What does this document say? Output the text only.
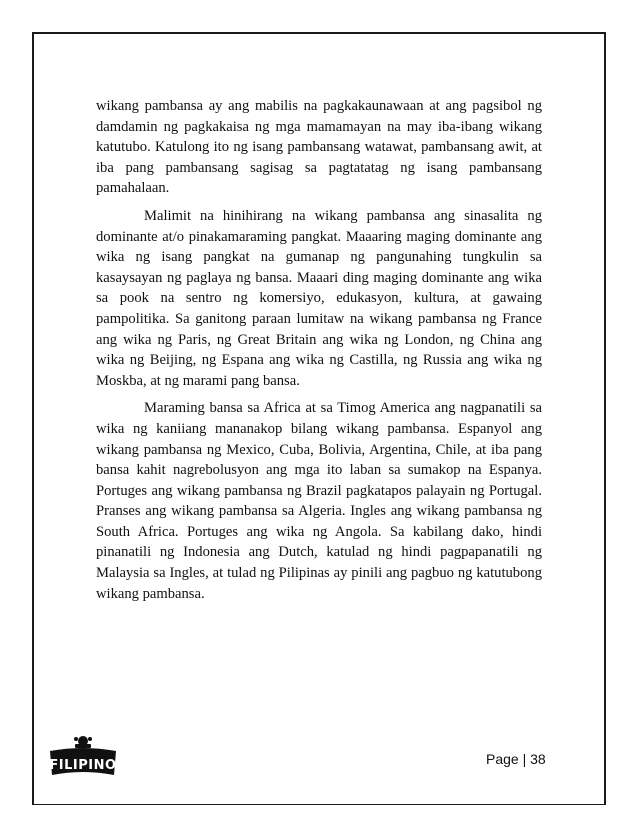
wikang pambansa ay ang mabilis na pagkakaunawaan at ang pagsibol ng damdamin ng pagkakaisa ng mga mamamayan na may iba-ibang wikang katutubo. Katulong ito ng isang pambansang watawat, pambansang awit, at iba pang pambansang sagisag sa pagtatatag ng isang pambansang pamahalaan.

Malimit na hinihirang na wikang pambansa ang sinasalita ng dominante at/o pinakamaraming pangkat. Maaaring maging dominante ang wika ng isang pangkat na gumanap ng pangunahing tungkulin sa kasaysayan ng paglaya ng bansa. Maaari ding maging dominante ang wika sa pook na sentro ng komersiyo, edukasyon, kultura, at gawaing pampolitika. Sa ganitong paraan lumitaw na wikang pambansa ng France ang wika ng Paris, ng Great Britain ang wika ng London, ng China ang wika ng Beijing, ng Espana ang wika ng Castilla, ng Russia ang wika ng Moskba, at ng marami pang bansa.

Maraming bansa sa Africa at sa Timog America ang nagpanatili sa wika ng kaniiang mananakop bilang wikang pambansa. Espanyol ang wikang pambansa ng Mexico, Cuba, Bolivia, Argentina, Chile, at iba pang bansa kahit nagrebolusyon ang mga ito laban sa sumakop na Espanya. Portuges ang wikang pambansa ng Brazil pagkatapos palayain ng Portugal. Pranses ang wikang pambansa sa Algeria. Ingles ang wikang pambansa ng South Africa. Portuges ang wika ng Angola. Sa kabilang dako, hindi pinanatili ng Indonesia ang Dutch, katulad ng hindi pagpapanatili ng Malaysia sa Ingles, at tulad ng Pilipinas ay pinili ang pagbuo ng katutubong wikang pambansa.

FILIPINO	Page | 38
